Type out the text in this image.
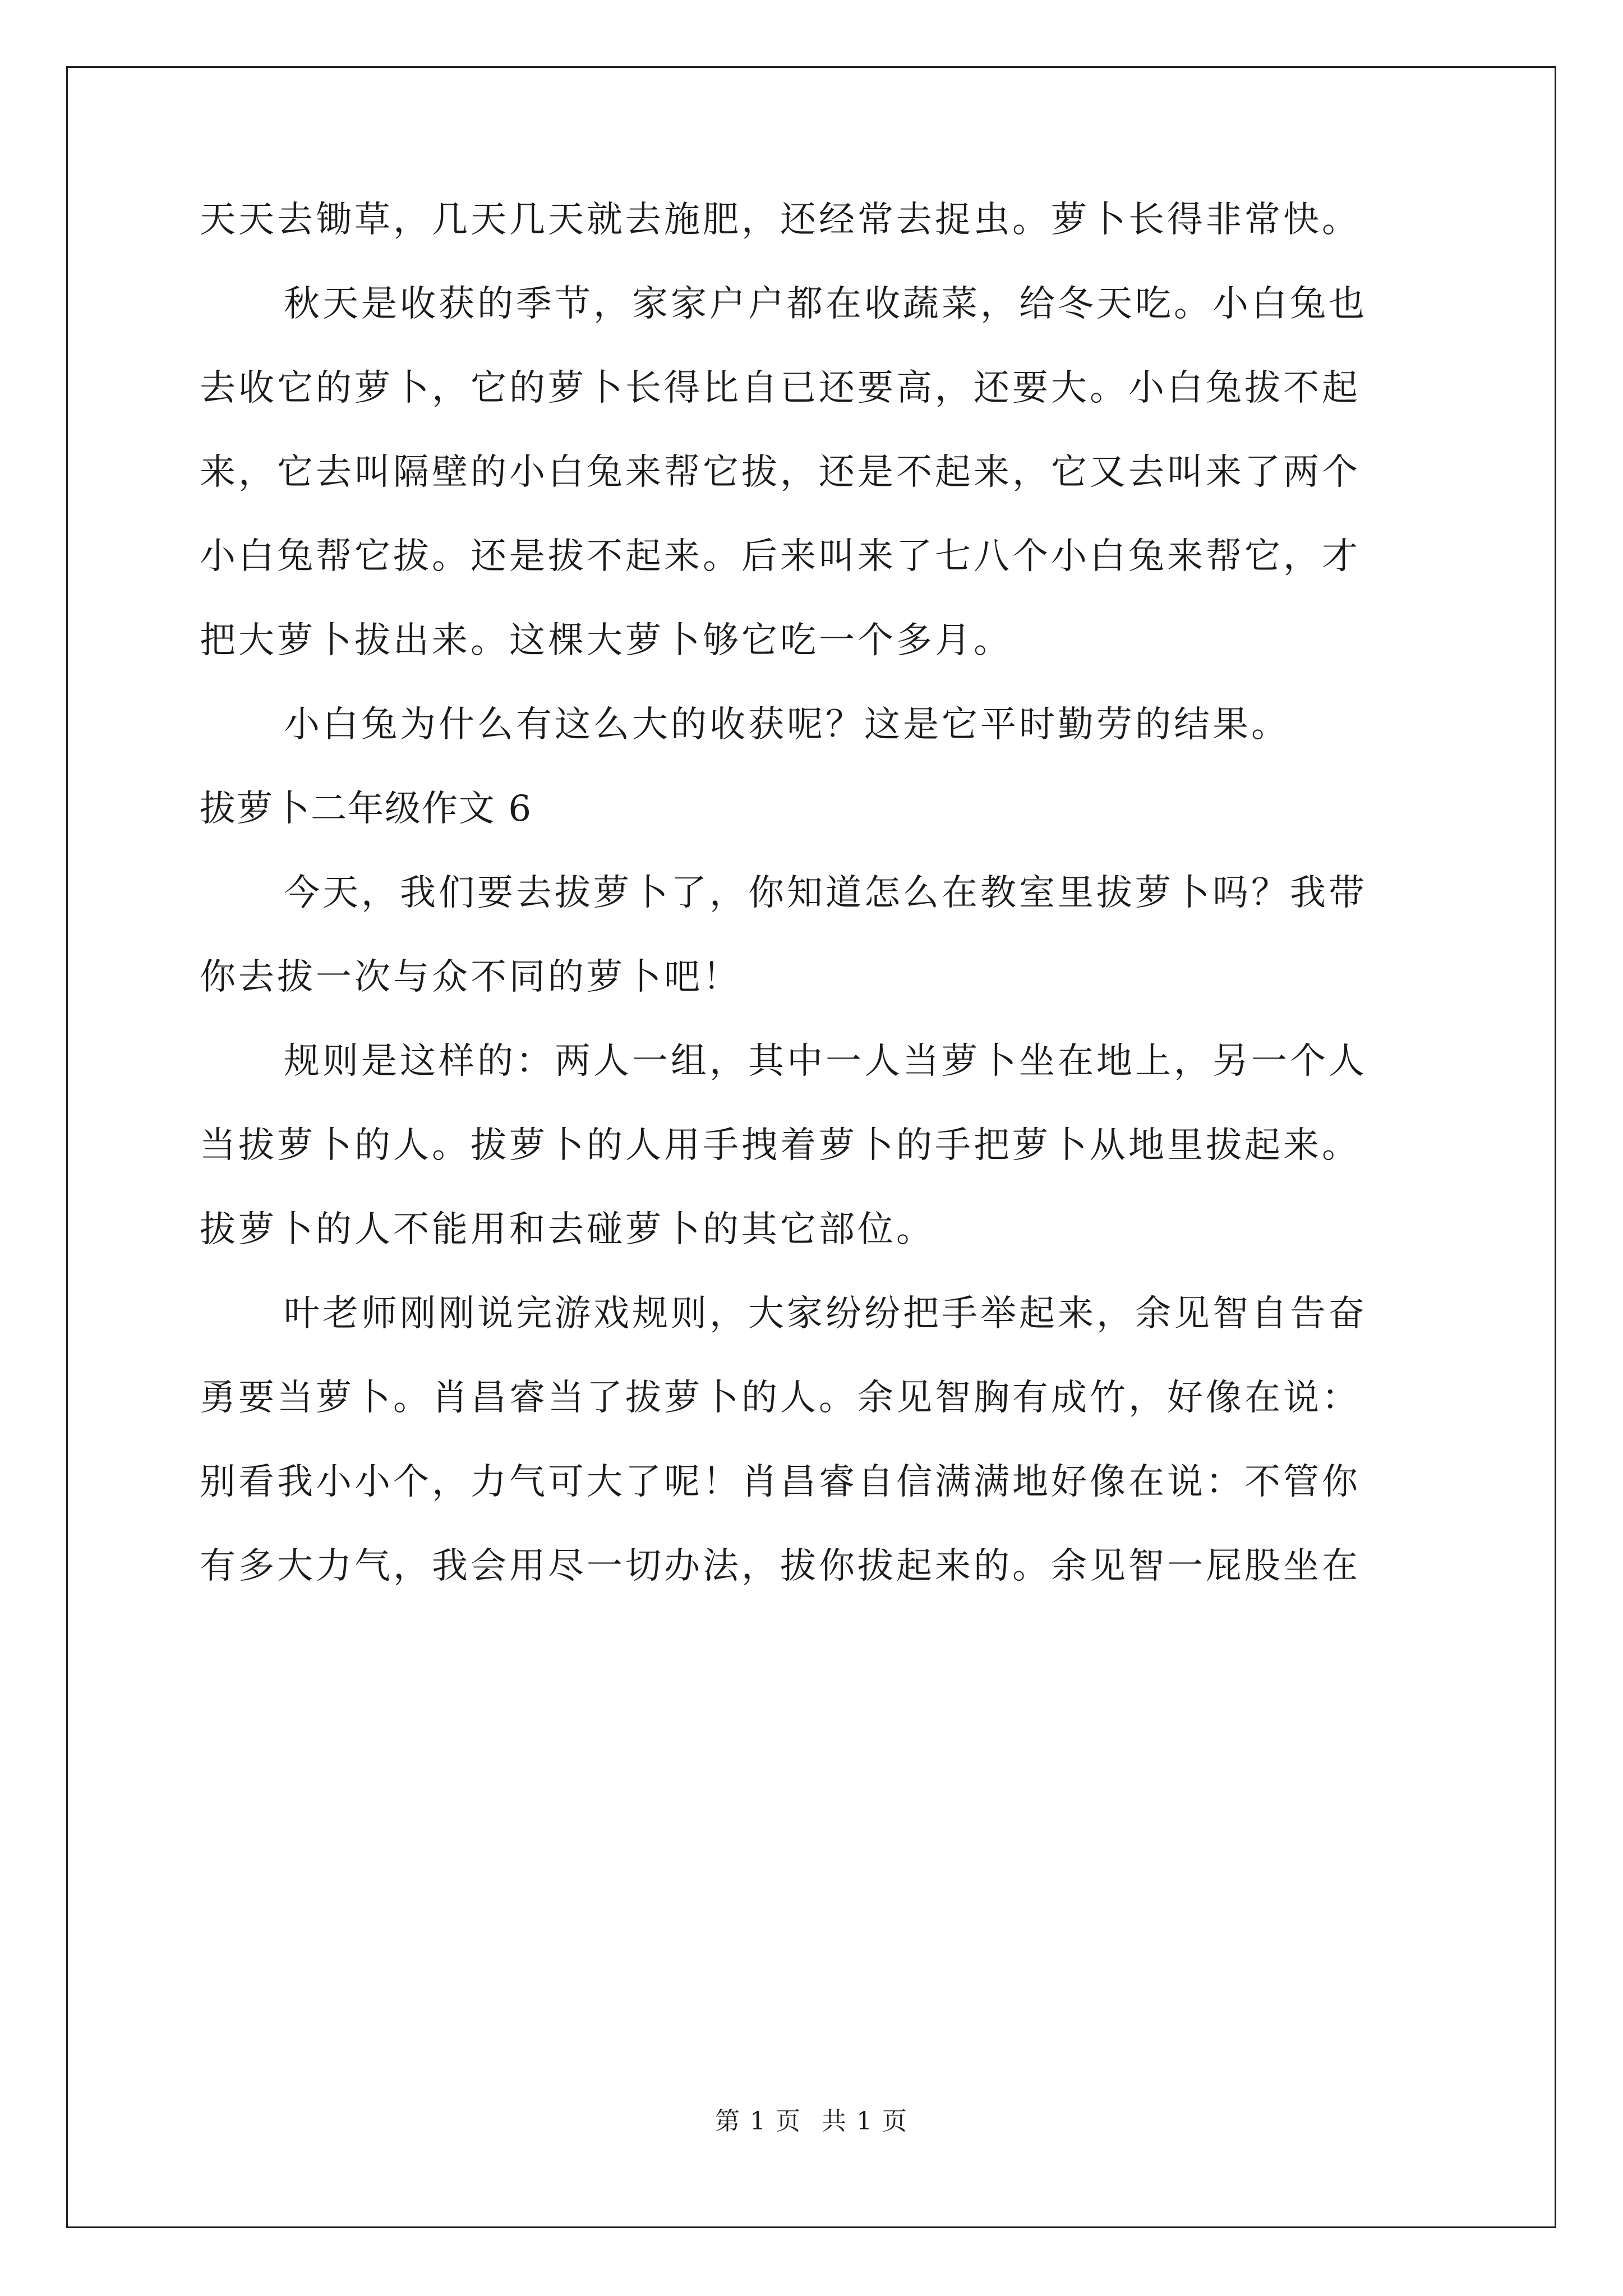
天天去锄草，几天几天就去施肥，还经常去捉虫。萝卜长得非常快。
秋天是收获的季节，家家户户都在收蔬菜，给冬天吃。小白兔也
去收它的萝卜，它的萝卜长得比自已还要高，还要大。小白兔拔不起
来，它去叫隔壁的小白兔来帮它拔，还是不起来，它又去叫来了两个
小白兔帮它拔。还是拔不起来。后来叫来了七八个小白兔来帮它，才
把大萝卜拔出来。这棵大萝卜够它吃一个多月。
小白兔为什么有这么大的收获呢？这是它平时勤劳的结果。
拔萝卜二年级作文 6
今天，我们要去拔萝卜了，你知道怎么在教室里拔萝卜吗？我带
你去拔一次与众不同的萝卜吧！
规则是这样的：两人一组，其中一人当萝卜坐在地上，另一个人
当拔萝卜的人。拔萝卜的人用手拽着萝卜的手把萝卜从地里拔起来。
拔萝卜的人不能用和去碰萝卜的其它部位。
叶老师刚刚说完游戏规则，大家纷纷把手举起来，余见智自告奋
勇要当萝卜。肖昌睿当了拔萝卜的人。余见智胸有成竹，好像在说：
别看我小小个，力气可大了呢！肖昌睿自信满满地好像在说：不管你
有多大力气，我会用尽一切办法，拔你拔起来的。余见智一屁股坐在
第 1 页 共 1 页
